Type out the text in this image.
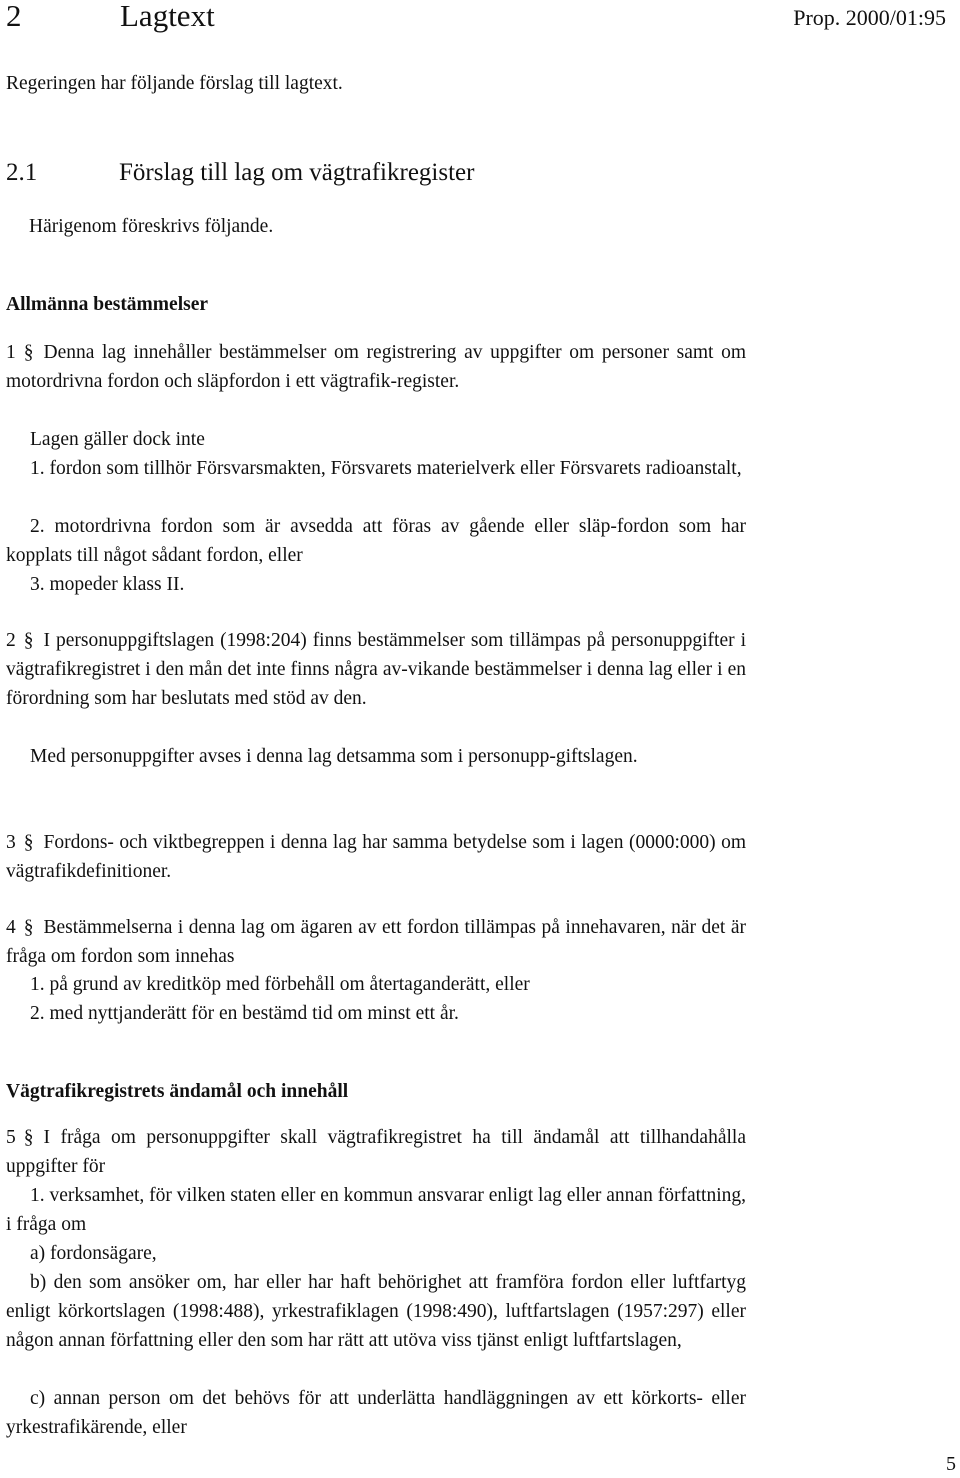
2	Lagtext	Prop. 2000/01:95
Regeringen har följande förslag till lagtext.
2.1	Förslag till lag om vägtrafikregister
Härigenom föreskrivs följande.
Allmänna bestämmelser

1 § Denna lag innehåller bestämmelser om registrering av uppgifter om personer samt om motordrivna fordon och släpfordon i ett vägtrafik-register.

Lagen gäller dock inte

1. fordon som tillhör Försvarsmakten, Försvarets materielverk eller Försvarets radioanstalt,

2. motordrivna fordon som är avsedda att föras av gående eller släp-fordon som har kopplats till något sådant fordon, eller

3. mopeder klass II.

2 § I personuppgiftslagen (1998:204) finns bestämmelser som tillämpas på personuppgifter i vägtrafikregistret i den mån det inte finns några av-vikande bestämmelser i denna lag eller i en förordning som har beslutats med stöd av den.

Med personuppgifter avses i denna lag detsamma som i personupp-giftslagen.

3 § Fordons- och viktbegreppen i denna lag har samma betydelse som i lagen (0000:000) om vägtrafikdefinitioner.

4 § Bestämmelserna i denna lag om ägaren av ett fordon tillämpas på innehavaren, när det är fråga om fordon som innehas

1. på grund av kreditköp med förbehåll om återtaganderätt, eller

2. med nyttjanderätt för en bestämd tid om minst ett år.

Vägtrafikregistrets ändamål och innehåll

5 § I fråga om personuppgifter skall vägtrafikregistret ha till ändamål att tillhandahålla uppgifter för

1. verksamhet, för vilken staten eller en kommun ansvarar enligt lag eller annan författning, i fråga om

a) fordonsägare,

b) den som ansöker om, har eller har haft behörighet att framföra fordon eller luftfartyg enligt körkortslagen (1998:488), yrkestrafiklagen (1998:490), luftfartslagen (1957:297) eller någon annan författning eller den som har rätt att utöva viss tjänst enligt luftfartslagen,

c) annan person om det behövs för att underlätta handläggningen av ett körkorts- eller yrkestrafikärende, eller

5
